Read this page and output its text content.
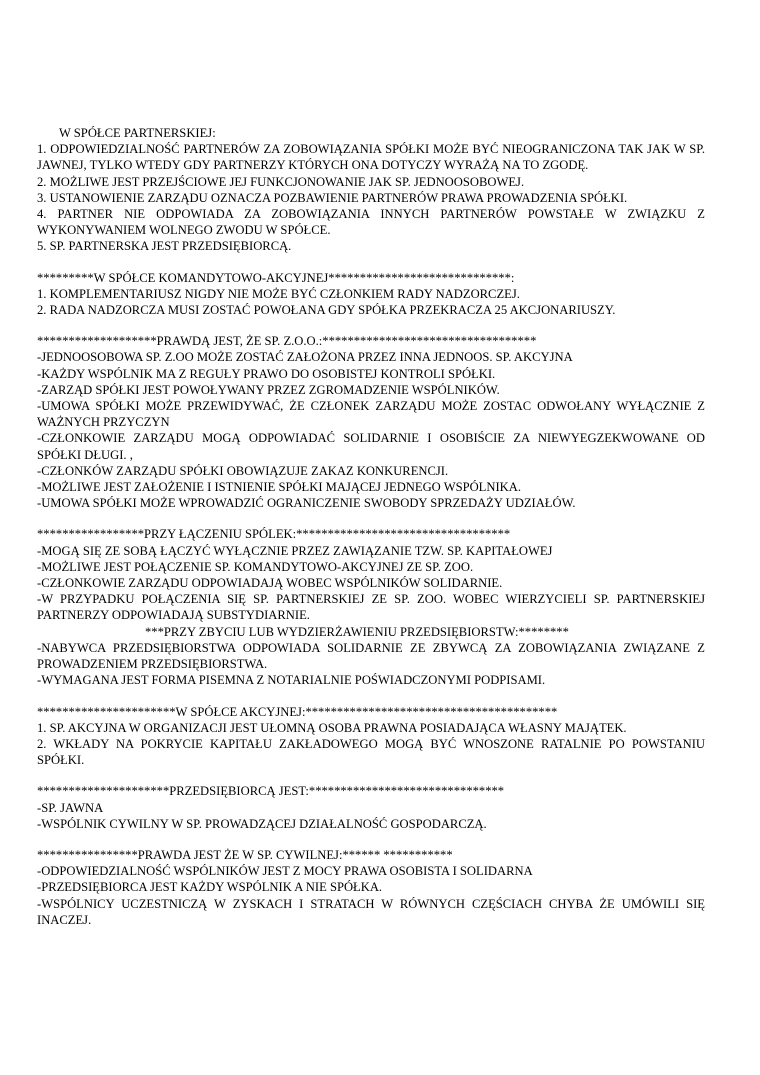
W SPÓŁCE PARTNERSKIEJ:

1. ODPOWIEDZIALNOŚĆ PARTNERÓW ZA ZOBOWIĄZANIA SPÓŁKI MOŻE BYĆ NIEOGRANICZONA TAK JAK W SP. JAWNEJ, TYLKO WTEDY GDY PARTNERZY KTÓRYCH ONA DOTYCZY WYRAŻĄ NA TO ZGODĘ.

2. MOŻLIWE JEST PRZEJŚCIOWE JEJ FUNKCJONOWANIE JAK SP. JEDNOOSOBOWEJ.

3. USTANOWIENIE ZARZĄDU OZNACZA POZBAWIENIE PARTNERÓW PRAWA PROWADZENIA SPÓŁKI.

4. PARTNER NIE ODPOWIADA ZA ZOBOWIĄZANIA INNYCH PARTNERÓW POWSTAŁE W ZWIĄZKU Z WYKONYWANIEM WOLNEGO ZWODU W SPÓŁCE.

5. SP. PARTNERSKA JEST PRZEDSIĘBIORCĄ.

*********W SPÓŁCE KOMANDYTOWO-AKCYJNEJ*****************************:

1. KOMPLEMENTARIUSZ NIGDY NIE MOŻE BYĆ CZŁONKIEM RADY NADZORCZEJ.

2. RADA NADZORCZA MUSI ZOSTAĆ POWOŁANA GDY SPÓŁKA PRZEKRACZA 25 AKCJONARIUSZY.

*******************PRAWDĄ JEST, ŻE SP. Z.O.O.:**********************************

-JEDNOOSOBOWA SP. Z.OO MOŻE ZOSTAĆ ZAŁOŻONA PRZEZ INNA JEDNOOS. SP. AKCYJNA

-KAŻDY WSPÓLNIK MA Z REGUŁY PRAWO DO OSOBISTEJ KONTROLI SPÓŁKI.

-ZARZĄD SPÓŁKI JEST POWOŁYWANY PRZEZ ZGROMADZENIE WSPÓLNIKÓW.

-UMOWA SPÓŁKI MOŻE PRZEWIDYWAĆ, ŻE CZŁONEK ZARZĄDU MOŻE ZOSTAC ODWOŁANY WYŁĄCZNIE Z WAŻNYCH PRZYCZYN

-CZŁONKOWIE ZARZĄDU MOGĄ ODPOWIADAĆ SOLIDARNIE I OSOBIŚCIE ZA NIEWYEGZEKWOWANE OD SPÓŁKI DŁUGI. ,

-CZŁONKÓW ZARZĄDU SPÓŁKI OBOWIĄZUJE ZAKAZ KONKURENCJI.

-MOŻLIWE JEST ZAŁOŻENIE I ISTNIENIE SPÓŁKI MAJĄCEJ JEDNEGO WSPÓLNIKA.

-UMOWA SPÓŁKI MOŻE WPROWADZIĆ OGRANICZENIE SWOBODY SPRZEDAŻY UDZIAŁÓW.

*****************PRZY ŁĄCZENIU SPÓLEK:**********************************

-MOGĄ SIĘ ZE SOBĄ ŁĄCZYĆ WYŁĄCZNIE PRZEZ ZAWIĄZANIE TZW. SP. KAPITAŁOWEJ

-MOŻLIWE JEST POŁĄCZENIE SP. KOMANDYTOWO-AKCYJNEJ ZE SP. ZOO.

-CZŁONKOWIE ZARZĄDU ODPOWIADAJĄ WOBEC WSPÓLNIKÓW SOLIDARNIE.

-W PRZYPADKU POŁĄCZENIA SIĘ SP. PARTNERSKIEJ ZE SP. ZOO. WOBEC WIERZYCIELI SP. PARTNERSKIEJ PARTNERZY ODPOWIADAJĄ SUBSTYDIARNIE.

***PRZY ZBYCIU LUB WYDZIERŻAWIENIU PRZEDSIĘBIORSTW:********

-NABYWCA PRZEDSIĘBIORSTWA ODPOWIADA SOLIDARNIE ZE ZBYWCĄ ZA ZOBOWIĄZANIA ZWIĄZANE Z PROWADZENIEM PRZEDSIĘBIORSTWA.

-WYMAGANA JEST FORMA PISEMNA Z NOTARIALNIE POŚWIADCZONYMI PODPISAMI.

**********************W SPÓŁCE AKCYJNEJ:****************************************

1. SP. AKCYJNA W ORGANIZACJI JEST UŁOMNĄ OSOBA PRAWNA POSIADAJĄCA WŁASNY MAJĄTEK.

2. WKŁADY NA POKRYCIE KAPITAŁU ZAKŁADOWEGO MOGĄ BYĆ WNOSZONE RATALNIE PO POWSTANIU SPÓŁKI.

*********************PRZEDSIĘBIORCĄ JEST:*******************************

-SP. JAWNA

-WSPÓLNIK CYWILNY W SP. PROWADZĄCEJ DZIAŁALNOŚĆ GOSPODARCZĄ.

****************PRAWDA JEST ŻE W SP. CYWILNEJ:****** ***********

-ODPOWIEDZIALNOŚĆ WSPÓLNIKÓW JEST Z MOCY PRAWA OSOBISTA I SOLIDARNA

-PRZEDSIĘBIORCA JEST KAŻDY WSPÓLNIK A NIE SPÓŁKA.

-WSPÓLNICY UCZESTNICZĄ W ZYSKACH I STRATACH W RÓWNYCH CZĘŚCIACH CHYBA ŻE UMÓWILI SIĘ INACZEJ.
